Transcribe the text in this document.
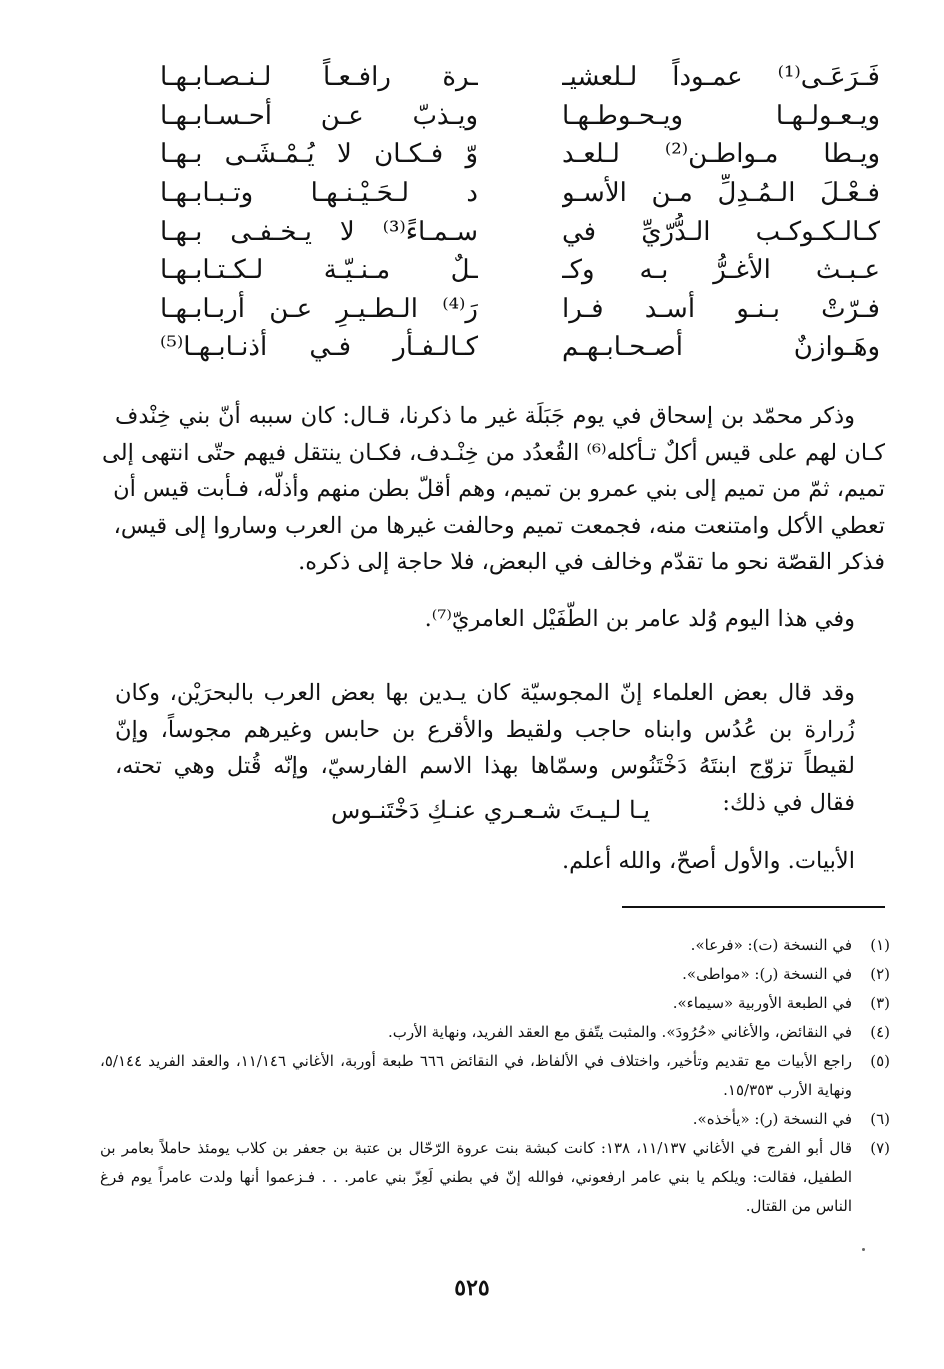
فَـرَعَـى⁽¹⁾ عمـوداً لـلعشيـ
ـرة رافـعـاً لـنـصـابـهـا
ويـعـولـهـا ويـحـوطـهـا
ويـذبّ عـن أحـسـابـهـا
ويـطا مـواطـن⁽²⁾ لـلعـد
وّ فـكـان لا يُـمْـشَـى بـهـا
فـعْـلَ الـمُـدِلِّ مـن الأسـو
د لـحَـيْـنـهـا وتـبـابـهـا
كـالـكـوكـب الـدُّرّيِّ في
سـمـاءً⁽³⁾ لا يـخـفـى بـهـا
عـبـث الأغـرُّ بـه وكـ
ـلٌ مـنـيّـة لـكـتـابـهـا
فـرّتْ بـنـو أسـد فـرا
رَ⁽⁴⁾ الـطـيـرِ عـن أربـابـهـا
وهَـوازنٌ أصـحـابـهـم
كـالـفـأر فـي أذنـابـهـا⁽⁵⁾
وذكر محمّد بن إسحاق في يوم جَبَلَة غير ما ذكرنا، قـال: كان سببه أنّ بني خِنْدف
كـان لهم على قيس أكلٌ تـأكله⁽⁶⁾ القُعدُد من خِنْـدف، فكـان ينتقل فيهم حتّى انتهى إلى
تميم، ثمّ من تميم إلى بني عمرو بن تميم، وهم أقلّ بطن منهم وأذلّه، فـأبت قيس أن
تعطي الأكل وامتنعت منه، فجمعت تميم وحالفت غيرها من العرب وساروا إلى قيس،
فذكر القصّة نحو ما تقدّم وخالف في البعض، فلا حاجة إلى ذكره.

وفي هذا اليوم وُلد عامر بن الطّفَيْل العامريّ⁽⁷⁾.

وقد قال بعض العلماء إنّ المجوسيّة كان يـدين بها بعض العرب بالبحرَيْن، وكان زُرارة بن عُدُس وابناه حاجب ولقيط والأقرع بن حابس وغيرهم مجوساً، وإنّ لقيطاً تزوّج ابنتَهُ دَخْتَنُوس وسمّاها بهذا الاسم الفارسيّ، وإنّه قُتل وهي تحته، فقال في ذلك:

يـا لـيـتَ شـعـري عنـكِ دَخْتَنـوس

الأبيات. والأول أصحّ، والله أعلم.

(١)
في النسخة (ت): «فرعا».
(٢)
في النسخة (ر): «مواطى».
(٣)
في الطبعة الأوربية «سيماء».
(٤)
في النقائض، والأغاني «حُرُودَ». والمثبت يتّفق مع العقد الفريد، ونهاية الأرب.
(٥)
راجع الأبيات مع تقديم وتأخير، واختلاف في الألفاظ، في النقائض ٦٦٦ طبعة أوربة، الأغاني ١١/١٤٦، والعقد الفريد ٥/١٤٤، ونهاية الأرب ١٥/٣٥٣.
(٦)
في النسخة (ر): «يأخذه».
(٧)
قال أبو الفرج في الأغاني ١١/١٣٧، ١٣٨: كانت كبشة بنت عروة الرّحّال بن عتبة بن جعفر بن كلاب يومئذ حاملاً بعامر بن الطفيل، فقالت: ويلكم يا بني عامر ارفعوني، فوالله إنّ في بطني لَعِزّ بني عامر. . . فـزعموا أنها ولدت عامراً يوم فرغ الناس من القتال.
٥٢٥
